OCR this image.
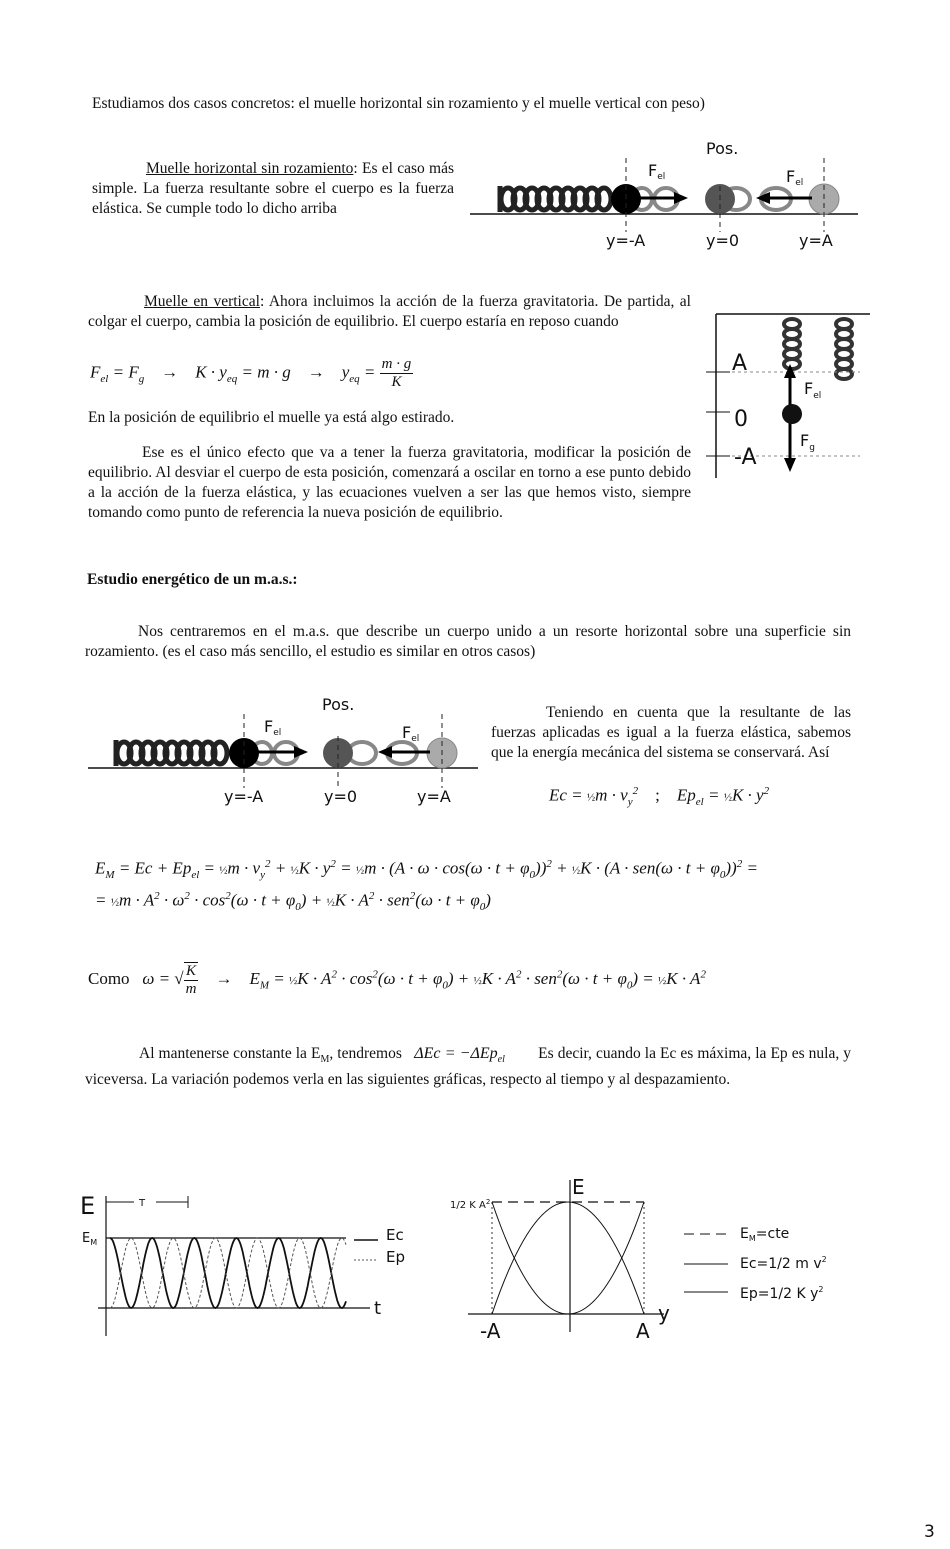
Estudiamos dos casos concretos: el muelle horizontal sin rozamiento y el muelle vertical con peso)
Muelle horizontal sin rozamiento: Es el caso más simple. La fuerza resultante sobre el cuerpo es la fuerza elástica. Se cumple todo lo dicho arriba
Pos.
Fel	Fel
y=-A	y=0	y=A
Muelle en vertical: Ahora incluimos la acción de la fuerza gravitatoria. De partida, al colgar el cuerpo, cambia la posición de equilibrio. El cuerpo estaría en reposo cuando
$F_{el} = F_g$ →    $K \cdot y_{eq} = m \cdot g$    →    $y_{eq} = \frac{m \cdot g}{K}$
En la posición de equilibrio el muelle ya está algo estirado.
Ese es el único efecto que va a tener la fuerza gravitatoria, modificar la posición de equilibrio. Al desviar el cuerpo de esta posición, comenzará a oscilar en torno a ese punto debido a la acción de la fuerza elástica, y las ecuaciones vuelven a ser las que hemos visto, siempre tomando como punto de referencia la nueva posición de equilibrio.
A
0
-A
$F_{el}$
$F_g$
Estudio energético de un m.a.s.:
Nos centraremos en el m.a.s. que describe un cuerpo unido a un resorte horizontal sobre una superficie sin rozamiento. (es el caso más sencillo, el estudio es similar en otros casos)
Pos.
Fel	Fel
y=-A	y=0	y=A
Teniendo en cuenta que la resultante de las fuerzas aplicadas es igual a la fuerza elástica, sabemos que la energía mecánica del sistema se conservará. Así
Ec = ½m · $v_y^2$ ;    $Ep_{el}$ = ½K · $y^2$
$E_M = Ec + Ep_{el}$ = ½m · $v_y^2$ + ½K · $y^2$ = ½m · $(A \cdot \omega \cdot \cos(\omega \cdot t + \varphi_0))^2$ + ½K · $(A \cdot sen(\omega \cdot t + \varphi_0))^2$ =
= ½m · $A^2 \cdot \omega^2 \cdot \cos^2(\omega \cdot t + \varphi_0)$ + ½K · $A^2 \cdot sen^2(\omega \cdot t + \varphi_0)$
Como   ω = √ $\frac{K}{m}$ →    $E_M$ = ½K · $A^2 \cdot \cos^2(\omega \cdot t + \varphi_0)$ + ½K · $A^2 \cdot sen^2(\omega \cdot t + \varphi_0)$ = ½K · $A^2$
Al mantenerse constante la $E_M$, tendremos   ΔEc = −ΔEp$_{el}$ Es decir, cuando la Ec es máxima, la Ep es nula, y viceversa. La variación podemos verla en las siguientes gráficas, respecto al tiempo y al despazamiento.
E
$E_M$
t
T
Ec
Ep
1/2 K $A^2$
E
y
-A	A
$E_M=cte$
Ec=1/2 m $v^2$
Ep=1/2 K $y^2$
3
